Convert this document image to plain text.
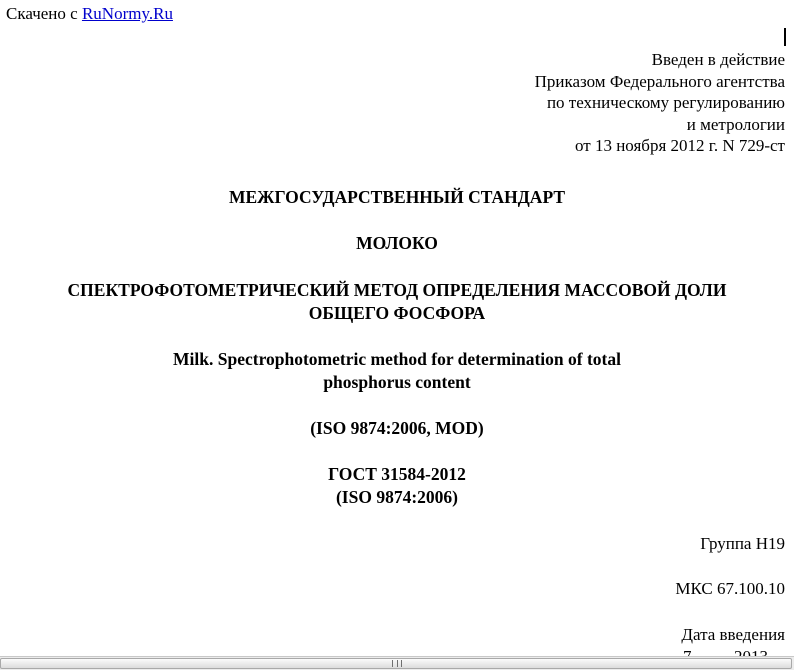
Скачено с RuNormy.Ru
Введен в действие
Приказом Федерального агентства
по техническому регулированию
и метрологии
от 13 ноября 2012 г. N 729-ст
МЕЖГОСУДАРСТВЕННЫЙ СТАНДАРТ
МОЛОКО
СПЕКТРОФОТОМЕТРИЧЕСКИЙ МЕТОД ОПРЕДЕЛЕНИЯ МАССОВОЙ ДОЛИ
ОБЩЕГО ФОСФОРА
Milk. Spectrophotometric method for determination of total
phosphorus content
(ISO 9874:2006, MOD)
ГОСТ 31584-2012
(ISO 9874:2006)
Группа Н19
МКС 67.100.10
Дата введения
